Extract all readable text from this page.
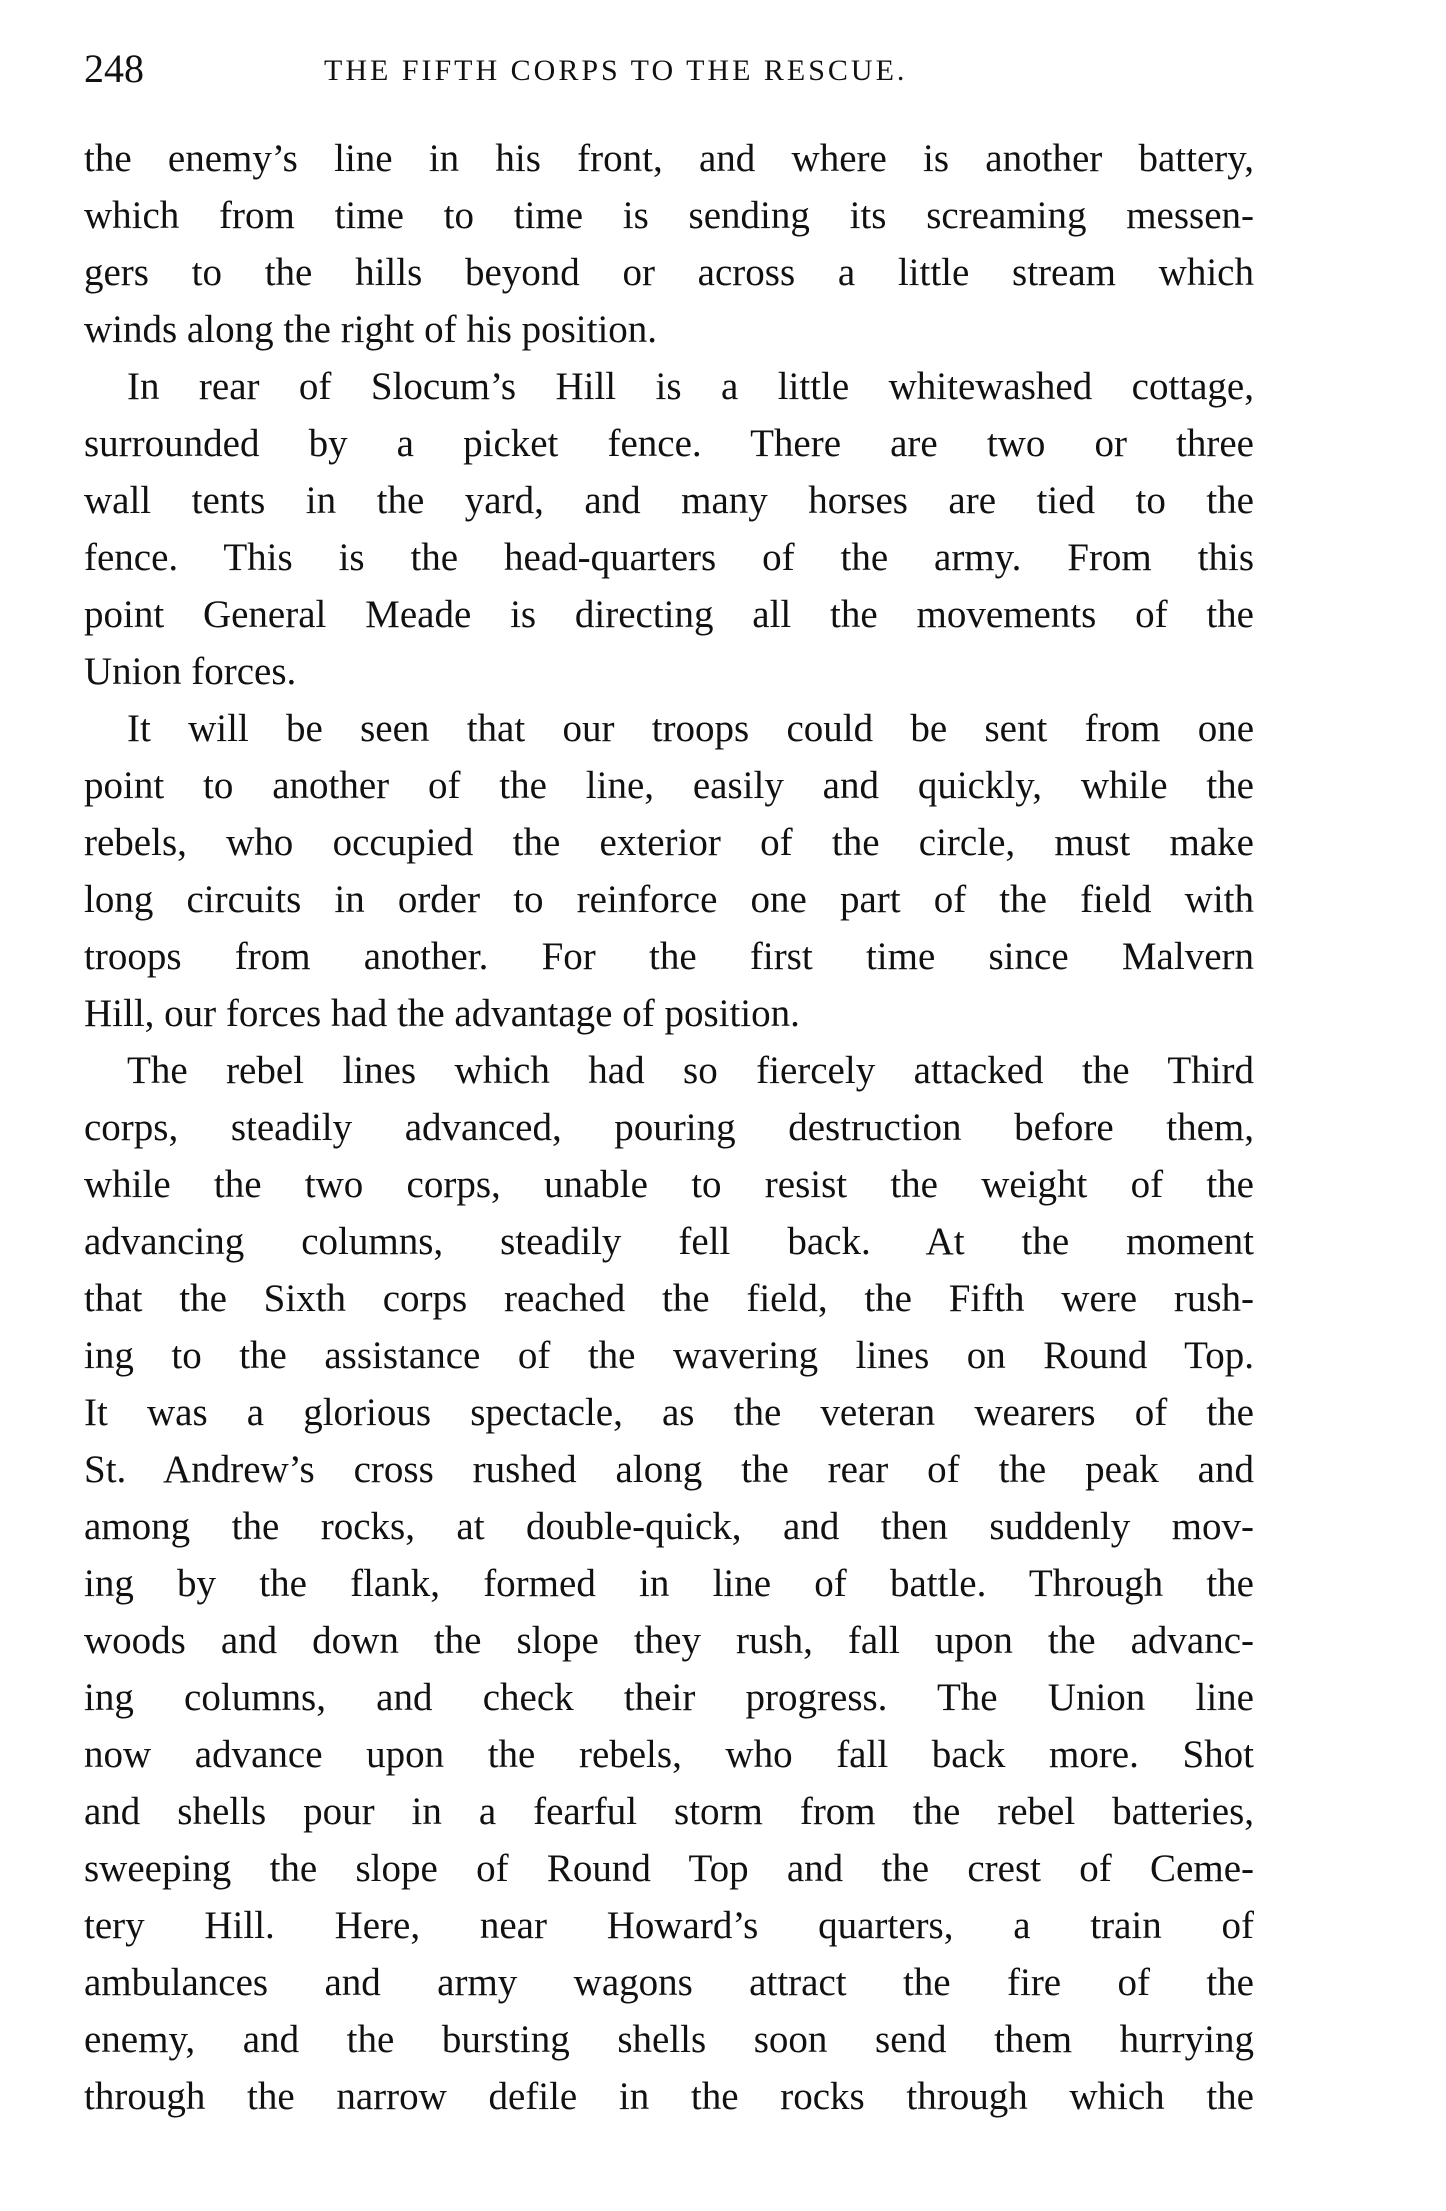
248	THE FIFTH CORPS TO THE RESCUE.
the enemy’s line in his front, and where is another battery,
which from time to time is sending its screaming messen-
gers to the hills beyond or across a little stream which
winds along the right of his position.
In rear of Slocum’s Hill is a little whitewashed cottage,
surrounded by a picket fence. There are two or three
wall tents in the yard, and many horses are tied to the
fence. This is the head-quarters of the army. From this
point General Meade is directing all the movements of the
Union forces.
It will be seen that our troops could be sent from one
point to another of the line, easily and quickly, while the
rebels, who occupied the exterior of the circle, must make
long circuits in order to reinforce one part of the field with
troops from another. For the first time since Malvern
Hill, our forces had the advantage of position.
The rebel lines which had so fiercely attacked the Third
corps, steadily advanced, pouring destruction before them,
while the two corps, unable to resist the weight of the
advancing columns, steadily fell back. At the moment
that the Sixth corps reached the field, the Fifth were rush-
ing to the assistance of the wavering lines on Round Top.
It was a glorious spectacle, as the veteran wearers of the
St. Andrew’s cross rushed along the rear of the peak and
among the rocks, at double-quick, and then suddenly mov-
ing by the flank, formed in line of battle. Through the
woods and down the slope they rush, fall upon the advanc-
ing columns, and check their progress. The Union line
now advance upon the rebels, who fall back more. Shot
and shells pour in a fearful storm from the rebel batteries,
sweeping the slope of Round Top and the crest of Ceme-
tery Hill. Here, near Howard’s quarters, a train of
ambulances and army wagons attract the fire of the
enemy, and the bursting shells soon send them hurrying
through the narrow defile in the rocks through which the
